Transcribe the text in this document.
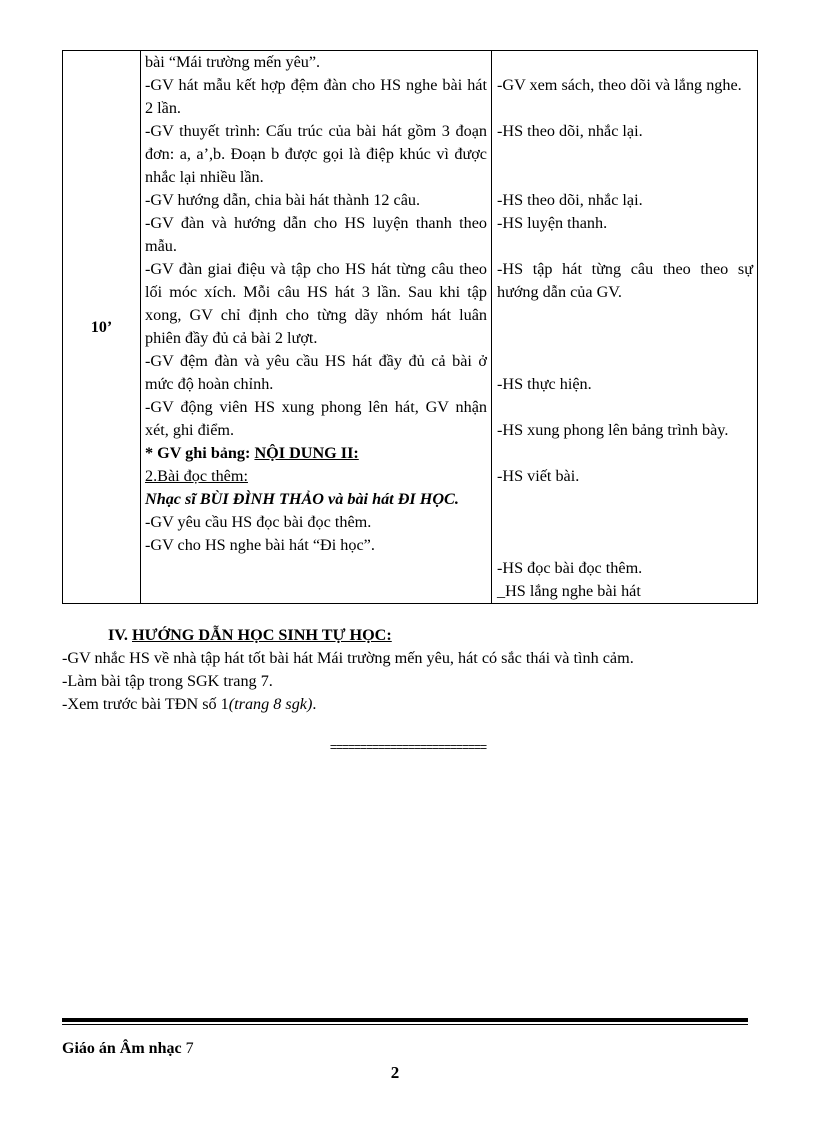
10’	
bài “Mái trường mến yêu”.
-GV hát mẫu kết hợp đệm đàn cho HS nghe bài hát 2 lần.
-GV thuyết trình: Cấu trúc của bài hát gồm 3 đoạn đơn: a, a’,b. Đoạn b được gọi là điệp khúc vì được nhắc lại nhiều lần.
-GV hướng dẫn, chia bài hát thành 12 câu.
-GV đàn và hướng dẫn cho HS luyện thanh theo mẫu.
-GV đàn giai điệu và tập cho HS hát từng câu theo lối móc xích. Mỗi câu HS hát 3 lần. Sau khi tập xong, GV chỉ định cho từng dãy nhóm hát luân phiên đầy đủ cả bài 2 lượt.
-GV đệm đàn và yêu cầu HS hát đầy đủ cả bài ở mức độ hoàn chỉnh.
-GV động viên HS xung phong lên hát, GV nhận xét, ghi điểm.
* GV ghi bảng: NỘI DUNG II:
2.Bài đọc thêm:
Nhạc sĩ BÙI ĐÌNH THẢO và bài hát ĐI HỌC.
-GV yêu cầu HS đọc bài đọc thêm.
-GV cho HS nghe bài hát “Đi học”.

-GV xem sách, theo dõi và lắng nghe.
-HS theo dõi, nhắc lại.
-HS theo dõi, nhắc lại.
-HS luyện thanh.
-HS tập hát từng câu theo theo sự hướng dẫn của GV.
-HS thực hiện.
-HS xung phong lên bảng trình bày.
-HS viết bài.
-HS đọc bài đọc thêm.
_HS lắng nghe bài hát
IV. HƯỚNG DẪN HỌC SINH TỰ HỌC:
-GV nhắc HS về nhà tập hát tốt bài hát Mái trường mến yêu, hát có sắc thái và tình cảm.
-Làm bài tập trong SGK trang 7.
-Xem trước bài TĐN số 1(trang 8 sgk).
==========================
Giáo án Âm nhạc 7
2
